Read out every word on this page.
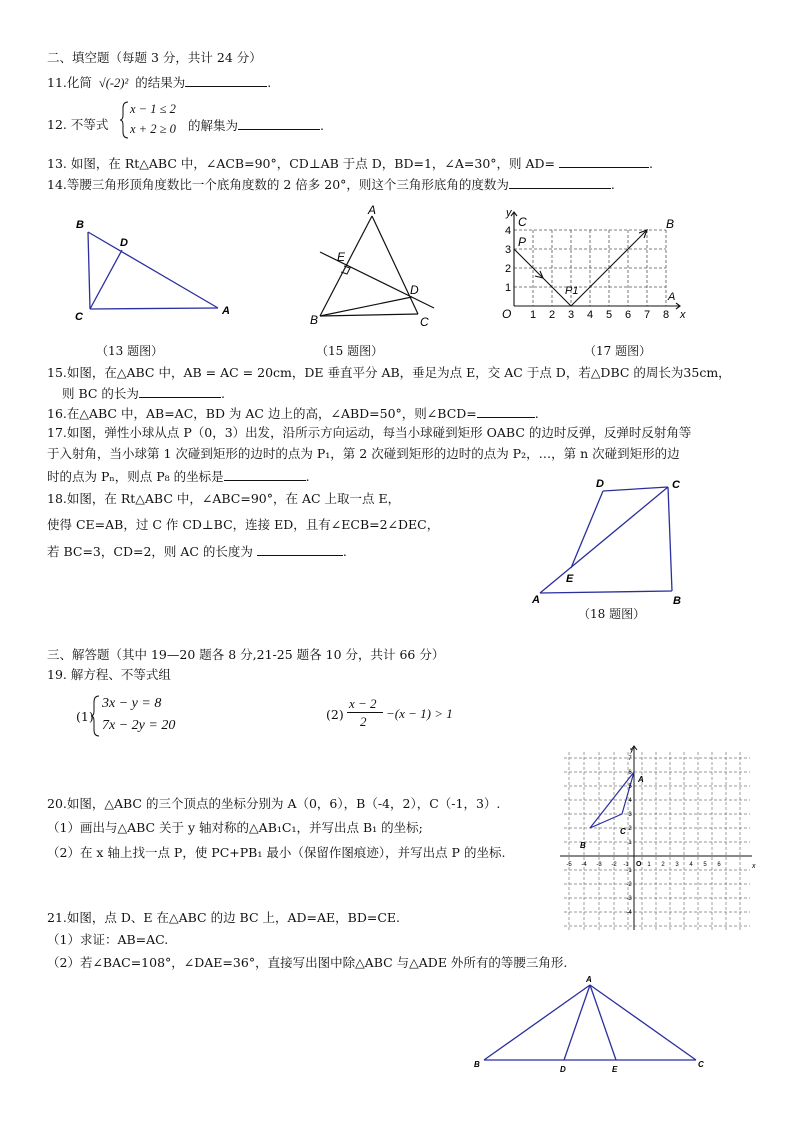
二、填空题（每题 3 分，共计 24 分）
11.化简 √(-2)² 的结果为	.
12. 不等式
x − 1 ≤ 2
x + 2 ≥ 0 的解集为	.
13. 如图，在 Rt△ABC 中，∠ACB=90°，CD⊥AB 于点 D，BD=1，∠A=30°，则 AD=	.
14.等腰三角形顶角度数比一个底角度数的 2 倍多 20°，则这个三角形底角的度数为	.
B
D
C	A
（13 题图）
A
E
D
B	C
（15 题图）
y
C
P
B
A
O	x
P1
1 2 3 4 5 6 7 8
1
2
3
4
（17 题图）
15.如图，在△ABC 中，AB = AC = 20cm，DE 垂直平分 AB，垂足为点 E，交 AC 于点 D，若△DBC 的周长为35cm，
则 BC 的长为	.
16.在△ABC 中，AB=AC，BD 为 AC 边上的高，∠ABD=50°，则∠BCD=	.
17.如图，弹性小球从点 P（0，3）出发，沿所示方向运动，每当小球碰到矩形 OABC 的边时反弹，反弹时反射角等
于入射角，当小球第 1 次碰到矩形的边时的点为 P₁，第 2 次碰到矩形的边时的点为 P₂，…，第 n 次碰到矩形的边
时的点为 Pₙ，则点 P₈ 的坐标是	.
18.如图，在 Rt△ABC 中，∠ABC=90°，在 AC 上取一点 E，
使得 CE=AB，过 C 作 CD⊥BC，连接 ED，且有∠ECB=2∠DEC，
若 BC=3，CD=2，则 AC 的长度为	.
D	C
E
A	B
（18 题图）
三、解答题（其中 19—20 题各 8 分,21-25 题各 10 分，共计 66 分）
19. 解方程、不等式组
(1)
3x − y = 8
7x − 2y = 20
(2)
x − 2
2
−(x − 1) > 1
20.如图，△ABC 的三个顶点的坐标分别为 A（0，6），B（-4，2），C（-1，3）.
（1）画出与△ABC 关于 y 轴对称的△AB₁C₁，并写出点 B₁ 的坐标;
（2）在 x 轴上找一点 P，使 PC+PB₁ 最小（保留作图痕迹），并写出点 P 的坐标.
y
A
B
C
O	x
-5 -4 -3 -2 -1	1 2 3 4 5 6
7
6
5
4
3
2
1
-1
-2
-3
-4
21.如图，点 D、E 在△ABC 的边 BC 上，AD=AE，BD=CE.
（1）求证：AB=AC.
（2）若∠BAC=108°，∠DAE=36°，直接写出图中除△ABC 与△ADE 外所有的等腰三角形.
A
B
D	E
C
